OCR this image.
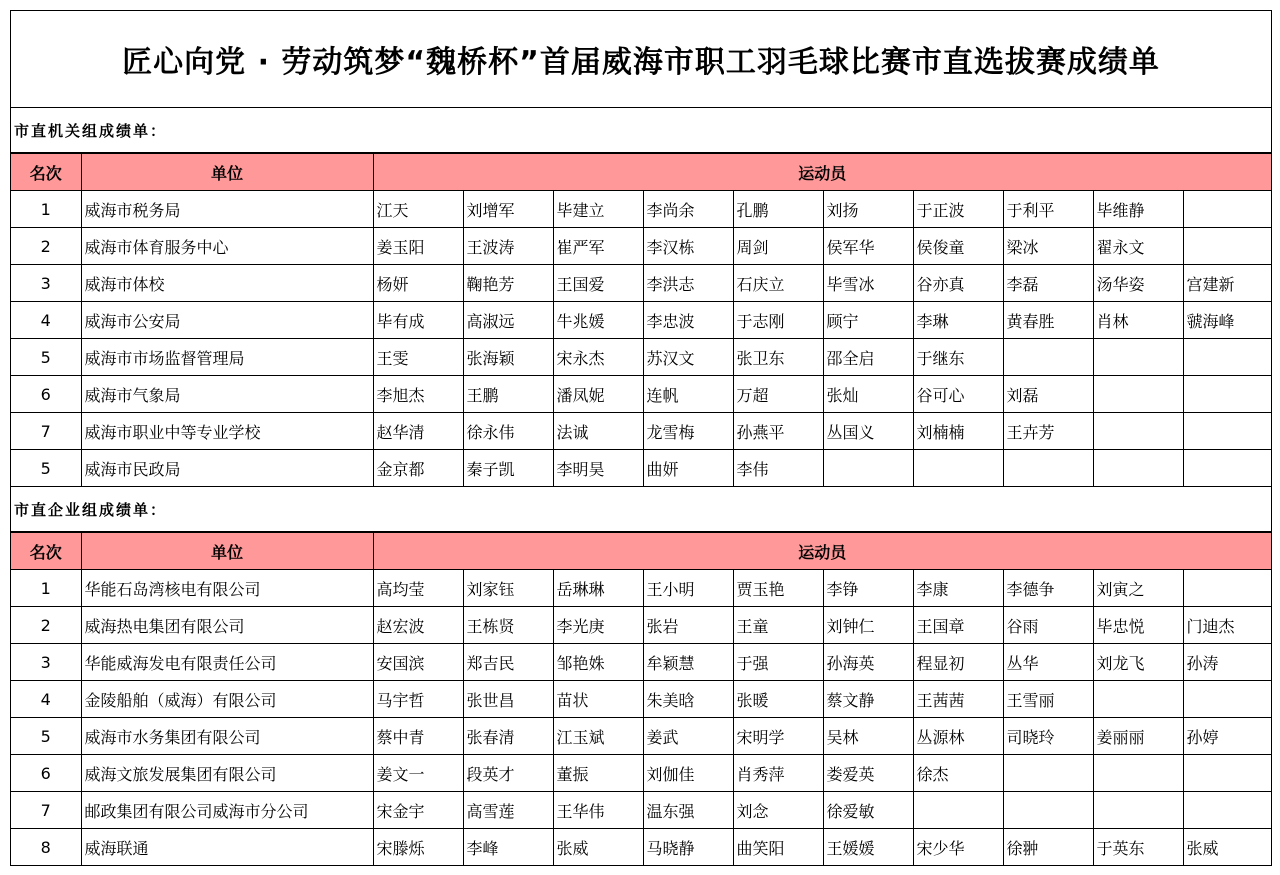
匠心向党 · 劳动筑梦“魏桥杯”首届威海市职工羽毛球比赛市直选拔赛成绩单
市直机关组成绩单：
名次	单位	运动员									
1	威海市税务局	江天	刘增军	毕建立	李尚余	孔鹏	刘扬	于正波	于利平	毕维静	
2	威海市体育服务中心	姜玉阳	王波涛	崔严军	李汉栋	周剑	侯军华	侯俊童	梁冰	翟永文	
3	威海市体校	杨妍	鞠艳芳	王国爱	李洪志	石庆立	毕雪冰	谷亦真	李磊	汤华姿	宫建新
4	威海市公安局	毕有成	高淑远	牛兆媛	李忠波	于志刚	顾宁	李琳	黄春胜	肖林	虢海峰
5	威海市市场监督管理局	王雯	张海颖	宋永杰	苏汉文	张卫东	邵全启	于继东			
6	威海市气象局	李旭杰	王鹏	潘凤妮	连帆	万超	张灿	谷可心	刘磊		
7	威海市职业中等专业学校	赵华清	徐永伟	法诚	龙雪梅	孙燕平	丛国义	刘楠楠	王卉芳		
5	威海市民政局	金京都	秦子凯	李明昊	曲妍	李伟					
市直企业组成绩单：
名次	单位	运动员									
1	华能石岛湾核电有限公司	高均莹	刘家钰	岳琳琳	王小明	贾玉艳	李铮	李康	李德争	刘寅之	
2	威海热电集团有限公司	赵宏波	王栋贤	李光庚	张岩	王童	刘钟仁	王国章	谷雨	毕忠悦	门迪杰
3	华能威海发电有限责任公司	安国滨	郑吉民	邹艳姝	牟颖慧	于强	孙海英	程显初	丛华	刘龙飞	孙涛
4	金陵船舶（威海）有限公司	马宇哲	张世昌	苗状	朱美晗	张暖	蔡文静	王茜茜	王雪丽		
5	威海市水务集团有限公司	蔡中青	张春清	江玉斌	姜武	宋明学	吴林	丛源林	司晓玲	姜丽丽	孙婷
6	威海文旅发展集团有限公司	姜文一	段英才	董振	刘伽佳	肖秀萍	娄爱英	徐杰			
7	邮政集团有限公司威海市分公司	宋金宇	高雪莲	王华伟	温东强	刘念	徐爱敏				
8	威海联通	宋滕烁	李峰	张威	马晓静	曲笑阳	王媛媛	宋少华	徐翀	于英东	张威
